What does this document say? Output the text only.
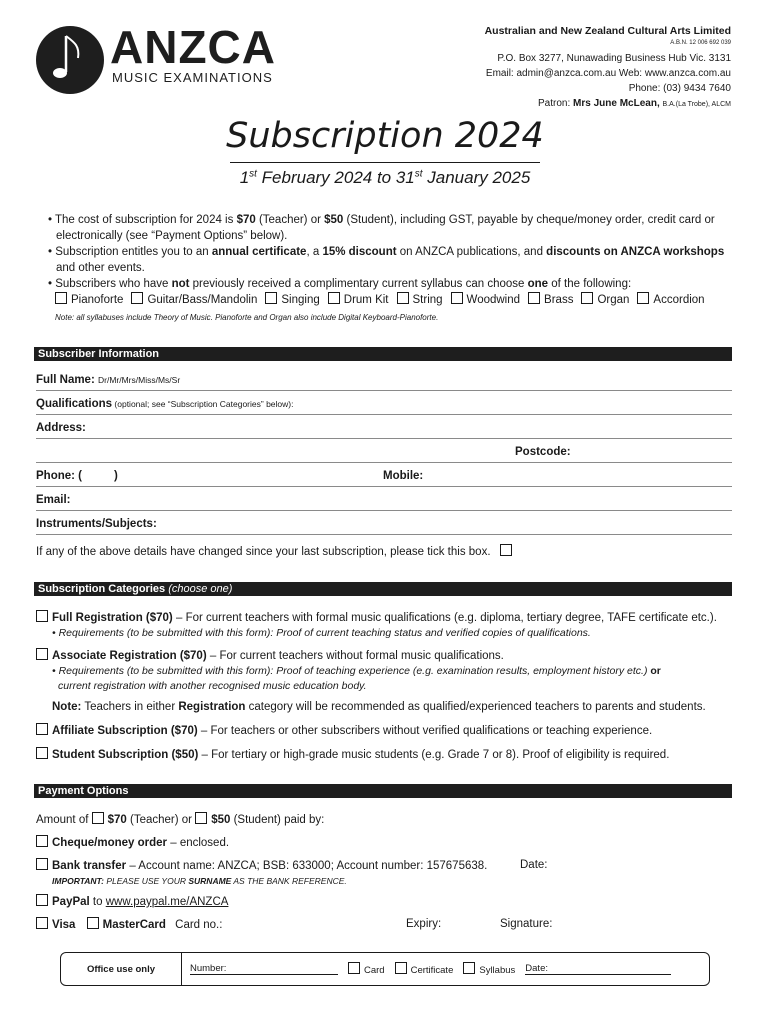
ANZCA
MUSIC EXAMINATIONS
Australian and New Zealand Cultural Arts Limited
A.B.N. 12 006 692 039
P.O. Box 3277, Nunawading Business Hub Vic. 3131
Email: admin@anzca.com.au Web: www.anzca.com.au
Phone: (03) 9434 7640
Patron: Mrs June McLean, B.A.(La Trobe), ALCM
Subscription 2024
1st February 2024 to 31st January 2025
• The cost of subscription for 2024 is $70 (Teacher) or $50 (Student), including GST, payable by cheque/money order, credit card or electronically (see “Payment Options” below).
• Subscription entitles you to an annual certificate, a 15% discount on ANZCA publications, and discounts on ANZCA workshops and other events.
• Subscribers who have not previously received a complimentary current syllabus can choose one of the following:
Pianoforte	Guitar/Bass/Mandolin	Singing	Drum Kit	String	Woodwind	Brass	Organ	Accordion
Note: all syllabuses include Theory of Music. Pianoforte and Organ also include Digital Keyboard-Pianoforte.
Subscriber Information
Full Name: Dr/Mr/Mrs/Miss/Ms/Sr
Qualifications (optional; see “Subscription Categories” below):
Address:
Postcode:
Phone: (	)	Mobile:
Email:
Instruments/Subjects:
If any of the above details have changed since your last subscription, please tick this box.
Subscription Categories (choose one)
Full Registration ($70) – For current teachers with formal music qualifications (e.g. diploma, tertiary degree, TAFE certificate etc.).
• Requirements (to be submitted with this form): Proof of current teaching status and verified copies of qualifications.
Associate Registration ($70) – For current teachers without formal music qualifications.
• Requirements (to be submitted with this form): Proof of teaching experience (e.g. examination results, employment history etc.) or
current registration with another recognised music education body.
Note: Teachers in either Registration category will be recommended as qualified/experienced teachers to parents and students.
Affiliate Subscription ($70) – For teachers or other subscribers without verified qualifications or teaching experience.
Student Subscription ($50) – For tertiary or high-grade music students (e.g. Grade 7 or 8). Proof of eligibility is required.
Payment Options
Amount of $70 (Teacher) or $50 (Student) paid by:
Cheque/money order – enclosed.
Bank transfer – Account name: ANZCA; BSB: 633000; Account number: 157675638.	Date:
IMPORTANT: PLEASE USE YOUR SURNAME AS THE BANK REFERENCE.
PayPal to www.paypal.me/ANZCA
Visa MasterCard Card no.:	Expiry:	Signature:
Office use only	Number:	Card	Certificate	Syllabus Date:
